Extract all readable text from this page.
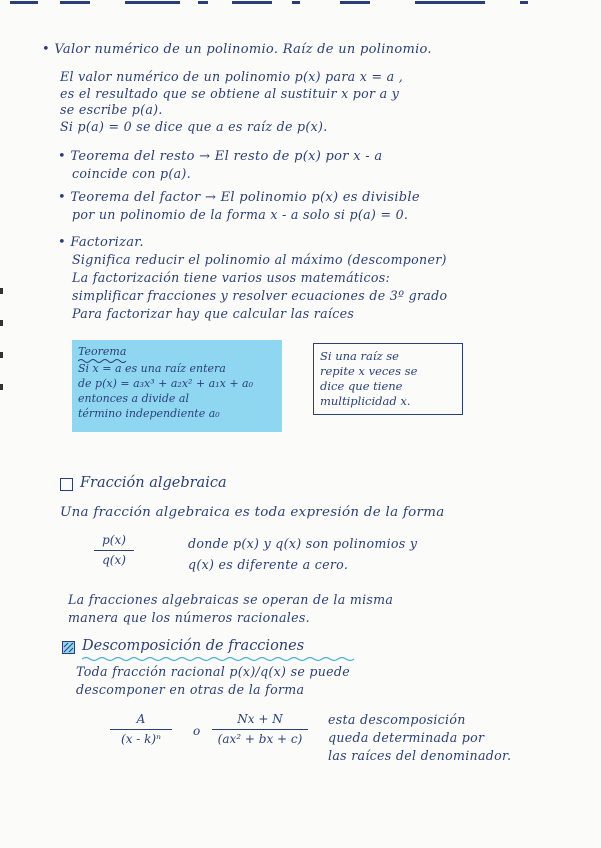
• Valor numérico de un polinomio. Raíz de un polinomio.
El valor numérico de un polinomio p(x) para x = a ,
es el resultado que se obtiene al sustituir x por a y
se escribe p(a).
Si p(a) = 0 se dice que a es raíz de p(x).
• Teorema del resto → El resto de p(x) por x - a
coincide con p(a).
• Teorema del factor → El polinomio p(x) es divisible
por un polinomio de la forma x - a solo si p(a) = 0.
• Factorizar.
Significa reducir el polinomio al máximo (descomponer)
La factorización tiene varios usos matemáticos:
simplificar fracciones y resolver ecuaciones de 3º grado
Para factorizar hay que calcular las raíces
Teorema
Si x = a es una raíz entera
de p(x) = a₃x³ + a₂x² + a₁x + a₀
entonces a divide al
término independiente a₀
Si una raíz se
repite x veces se
dice que tiene
multiplicidad x.
Fracción algebraica
Una fracción algebraica es toda expresión de la forma
p(x)
q(x)
donde p(x) y q(x) son polinomios y
q(x) es diferente a cero.
La fracciones algebraicas se operan de la misma
manera que los números racionales.
Descomposición de fracciones
Toda fracción racional p(x)/q(x) se puede
descomponer en otras de la forma
A
(x - k)ⁿ
o
Nx + N
(ax² + bx + c)
esta descomposición
queda determinada por
las raíces del denominador.
